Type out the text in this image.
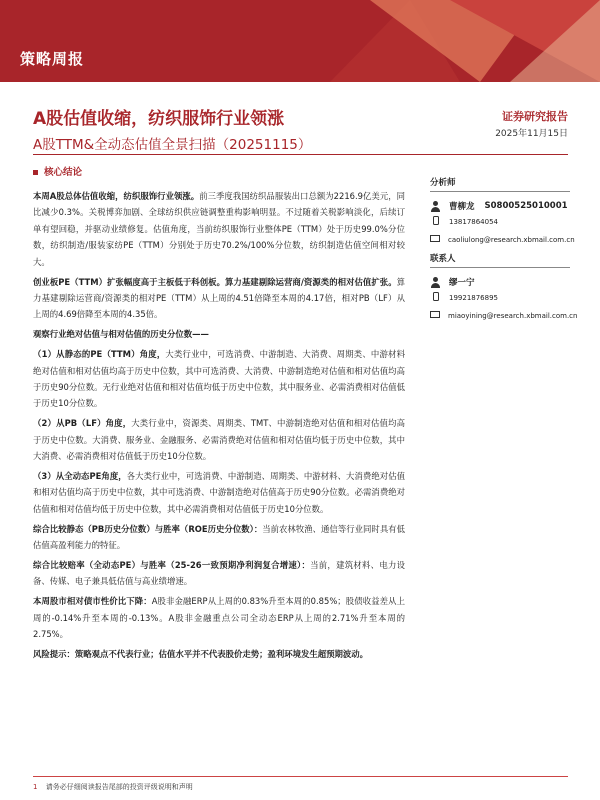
策略周报
A股估值收缩，纺织服饰行业领涨
A股TTM&全动态估值全景扫描（20251115）
证券研究报告
2025年11月15日
核心结论

本周A股总体估值收缩，纺织服饰行业领涨。前三季度我国纺织品服装出口总额为2216.9亿美元，同比减少0.3%。关税博弈加剧、全球纺织供应链调整重构影响明显。不过随着关税影响淡化，后续订单有望回稳，并驱动业绩修复。估值角度，当前纺织服饰行业整体PE（TTM）处于历史99.0%分位数，纺织制造/服装家纺PE（TTM）分别处于历史70.2%/100%分位数，纺织制造估值空间相对较大。

创业板PE（TTM）扩张幅度高于主板低于科创板。算力基建剔除运营商/资源类的相对估值扩张。算力基建剔除运营商/资源类的相对PE（TTM）从上周的4.51倍降至本周的4.17倍，相对PB（LF）从上周的4.69倍降至本周的4.35倍。

观察行业绝对估值与相对估值的历史分位数——

（1）从静态的PE（TTM）角度，大类行业中，可选消费、中游制造、大消费、周期类、中游材料绝对估值和相对估值均高于历史中位数，其中可选消费、大消费、中游制造绝对估值和相对估值均高于历史90分位数。无行业绝对估值和相对估值均低于历史中位数，其中服务业、必需消费相对估值低于历史10分位数。

（2）从PB（LF）角度，大类行业中，资源类、周期类、TMT、中游制造绝对估值和相对估值均高于历史中位数。大消费、服务业、金融服务、必需消费绝对估值和相对估值均低于历史中位数，其中大消费、必需消费相对估值低于历史10分位数。

（3）从全动态PE角度，各大类行业中，可选消费、中游制造、周期类、中游材料、大消费绝对估值和相对估值均高于历史中位数，其中可选消费、中游制造绝对估值高于历史90分位数。必需消费绝对估值和相对估值均低于历史中位数，其中必需消费相对估值低于历史10分位数。

综合比较静态（PB历史分位数）与胜率（ROE历史分位数）：当前农林牧渔、通信等行业同时具有低估值高盈利能力的特征。

综合比较赔率（全动态PE）与胜率（25-26一致预期净利润复合增速）：当前，建筑材料、电力设备、传媒、电子兼具低估值与高业绩增速。

本周股市相对债市性价比下降：A股非金融ERP从上周的0.83%升至本周的0.85%；股债收益差从上周的-0.14%升至本周的-0.13%。A股非金融重点公司全动态ERP从上周的2.71%升至本周的2.75%。

风险提示：策略观点不代表行业；估值水平并不代表股价走势；盈利环境发生超预期波动。

分析师
曹柳龙 S0800525010001
13817864054
caoliulong@research.xbmail.com.cn
联系人
缪一宁
19921876895
miaoyining@research.xbmail.com.cn
1 请务必仔细阅读报告尾部的投资评级说明和声明
